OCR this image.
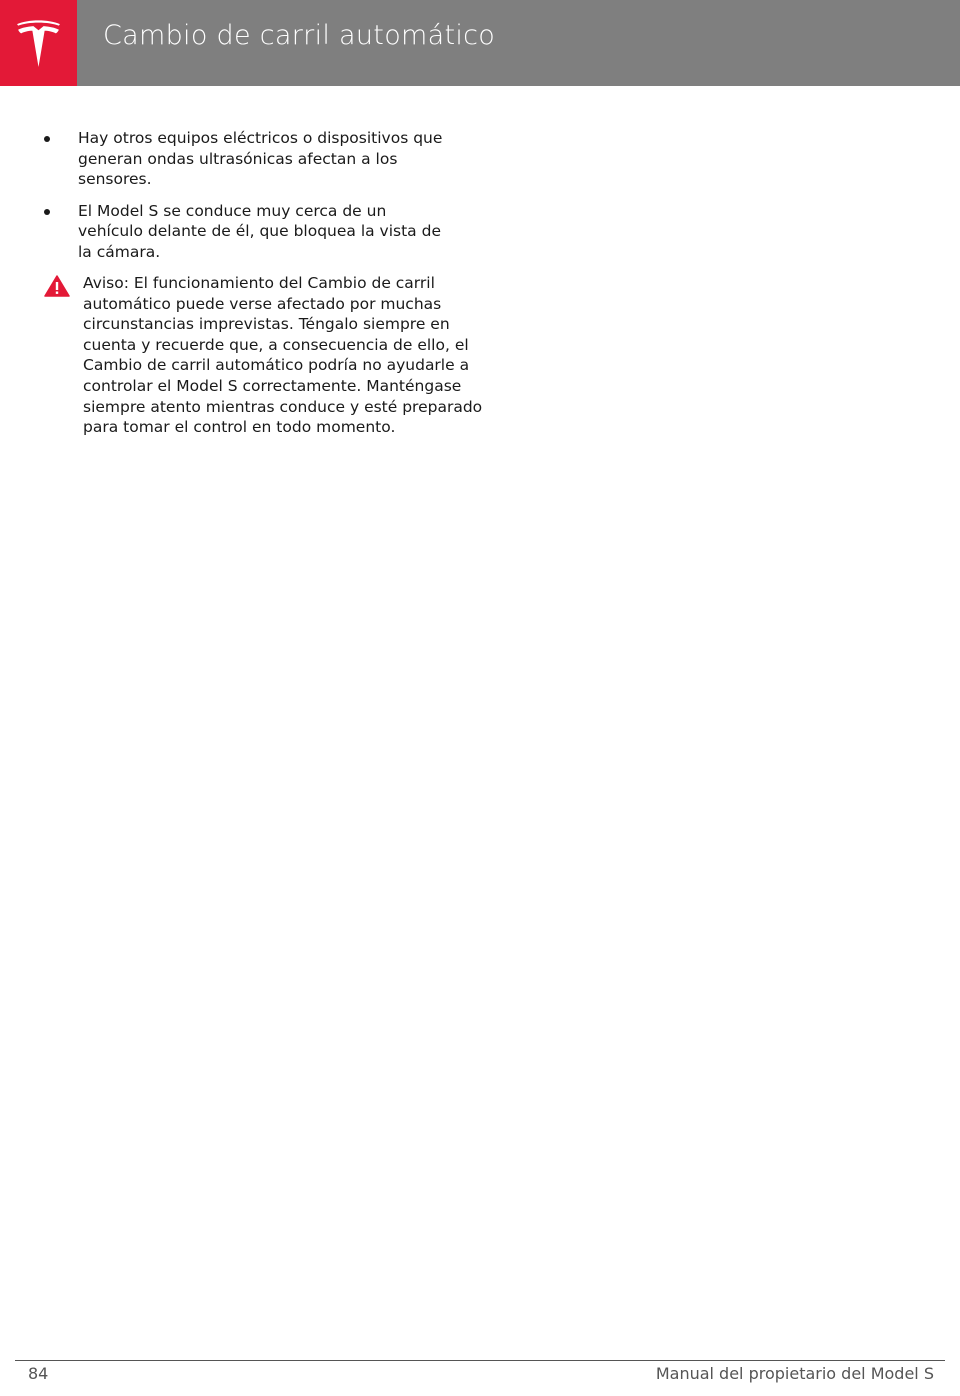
Cambio de carril automático
Hay otros equipos eléctricos o dispositivos que generan ondas ultrasónicas afectan a los sensores.
El Model S se conduce muy cerca de un vehículo delante de él, que bloquea la vista de la cámara.
Aviso: El funcionamiento del Cambio de carril automático puede verse afectado por muchas circunstancias imprevistas. Téngalo siempre en cuenta y recuerde que, a consecuencia de ello, el Cambio de carril automático podría no ayudarle a controlar el Model S correctamente. Manténgase siempre atento mientras conduce y esté preparado para tomar el control en todo momento.
84	Manual del propietario del Model S
